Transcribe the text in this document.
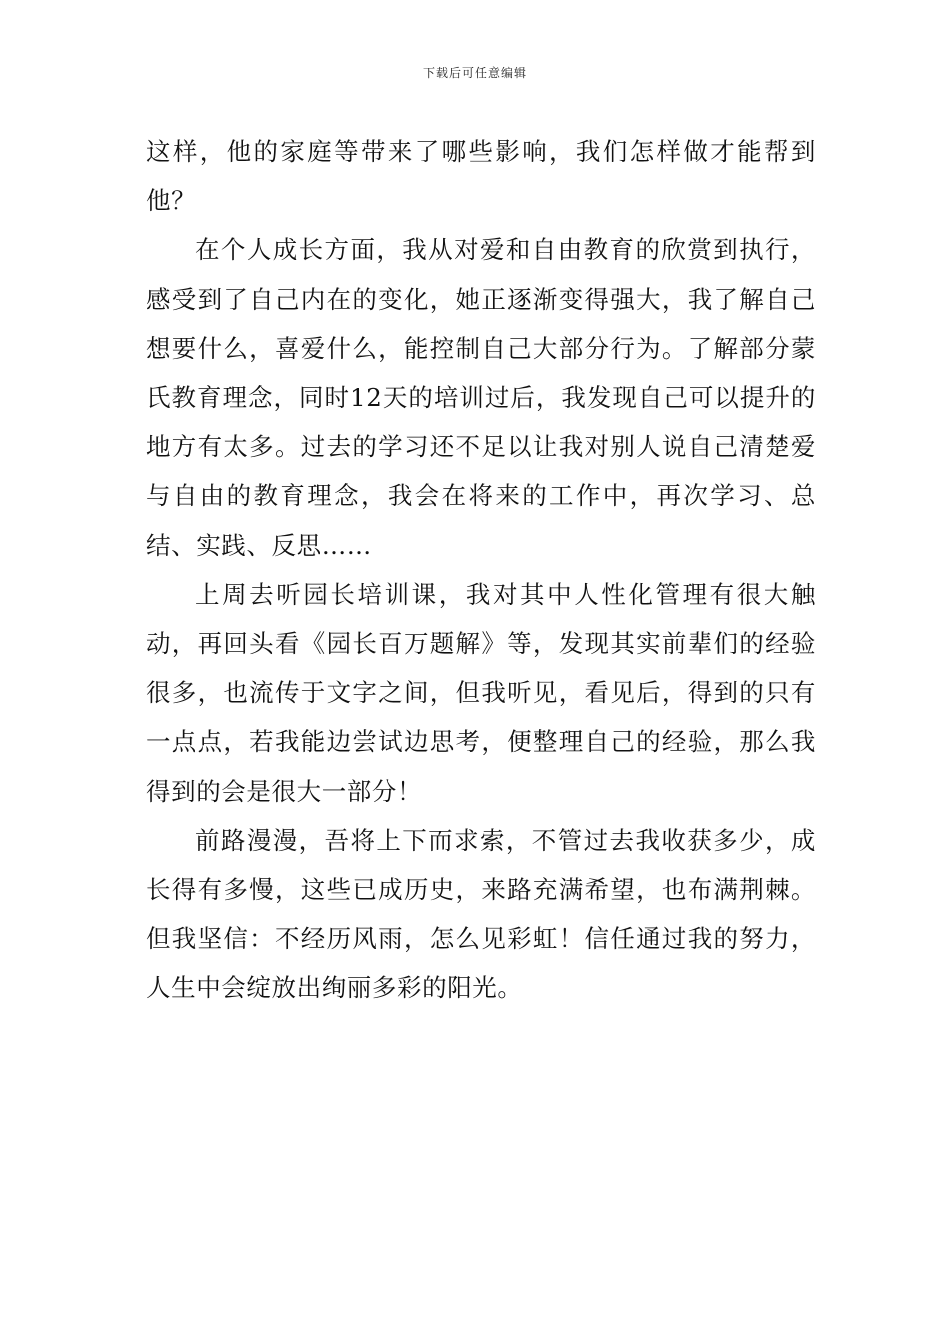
下载后可任意编辑

这样，他的家庭等带来了哪些影响，我们怎样做才能帮到他？

在个人成长方面，我从对爱和自由教育的欣赏到执行，感受到了自己内在的变化，她正逐渐变得强大，我了解自己想要什么，喜爱什么，能控制自己大部分行为。了解部分蒙氏教育理念，同时12天的培训过后，我发现自己可以提升的地方有太多。过去的学习还不足以让我对别人说自己清楚爱与自由的教育理念，我会在将来的工作中，再次学习、总结、实践、反思……

上周去听园长培训课，我对其中人性化管理有很大触动，再回头看《园长百万题解》等，发现其实前辈们的经验很多，也流传于文字之间，但我听见，看见后，得到的只有一点点，若我能边尝试边思考，便整理自己的经验，那么我得到的会是很大一部分！

前路漫漫，吾将上下而求索，不管过去我收获多少，成长得有多慢，这些已成历史，来路充满希望，也布满荆棘。但我坚信：不经历风雨，怎么见彩虹！信任通过我的努力，人生中会绽放出绚丽多彩的阳光。
